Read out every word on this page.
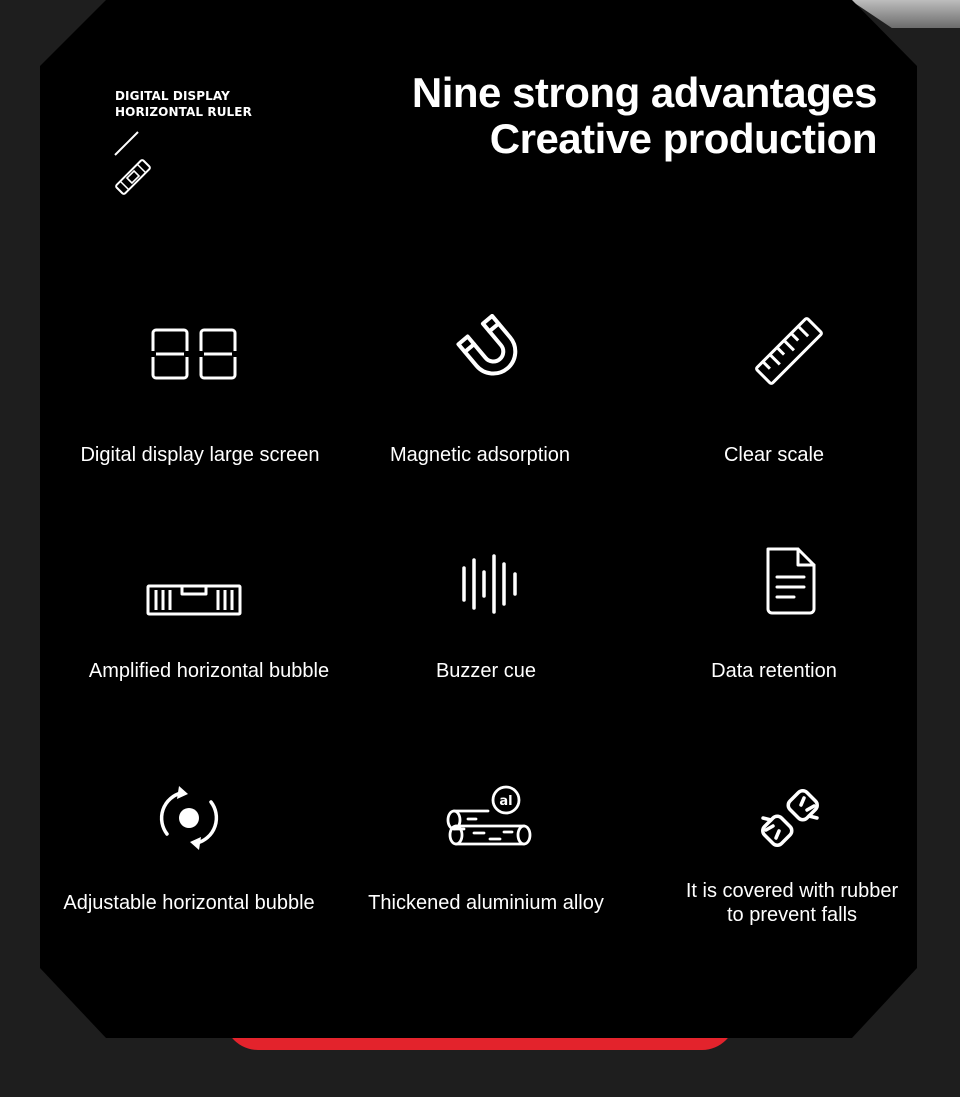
DIGITAL DISPLAY
HORIZONTAL RULER	Nine strong advantages
Creative production
Digital display large screen	Magnetic adsorption	Clear scale
Amplified horizontal bubble	Buzzer cue	Data retention
Adjustable horizontal bubble
al
Thickened aluminium alloy
It is covered with rubber to prevent falls
